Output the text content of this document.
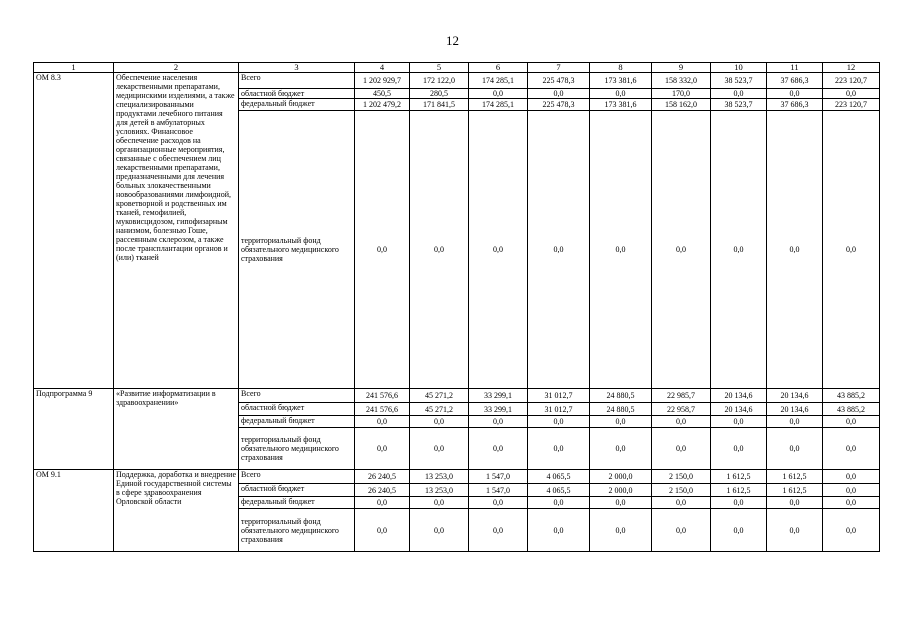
12
1	2	3	4	5	6	7	8	9	10	11	12
ОМ 8.3	Обеспечение населения лекарственными препаратами, медицинскими изделиями, а также специализированными продуктами лечебного питания для детей в амбулаторных условиях. Финансовое обеспечение расходов на организационные мероприятия, связанные с обеспечением лиц лекарственными препаратами, предназначенными для лечения больных злокачественными новообразованиями лимфоидной, кроветворной и родственных им тканей, гемофилией, муковисцидозом, гипофизарным нанизмом, болезнью Гоше, рассеянным склерозом, а также после трансплантации органов и (или) тканей	Всего	1 202 929,7	172 122,0	174 285,1	225 478,3	173 381,6	158 332,0	38 523,7	37 686,3	223 120,7
		областной бюджет	450,5	280,5	0,0	0,0	0,0	170,0	0,0	0,0	0,0
		федеральный бюджет	1 202 479,2	171 841,5	174 285,1	225 478,3	173 381,6	158 162,0	38 523,7	37 686,3	223 120,7
		территориальный фонд обязательного медицинского страхования	0,0	0,0	0,0	0,0	0,0	0,0	0,0	0,0	0,0
Подпрограмма 9	«Развитие информатизации в здравоохранении»	Всего	241 576,6	45 271,2	33 299,1	31 012,7	24 880,5	22 985,7	20 134,6	20 134,6	43 885,2
		областной бюджет	241 576,6	45 271,2	33 299,1	31 012,7	24 880,5	22 958,7	20 134,6	20 134,6	43 885,2
		федеральный бюджет	0,0	0,0	0,0	0,0	0,0	0,0	0,0	0,0	0,0
		территориальный фонд обязательного медицинского страхования	0,0	0,0	0,0	0,0	0,0	0,0	0,0	0,0	0,0
ОМ 9.1	Поддержка, доработка и внедрение Единой государственной системы в сфере здравоохранения Орловской области	Всего	26 240,5	13 253,0	1 547,0	4 065,5	2 000,0	2 150,0	1 612,5	1 612,5	0,0
		областной бюджет	26 240,5	13 253,0	1 547,0	4 065,5	2 000,0	2 150,0	1 612,5	1 612,5	0,0
		федеральный бюджет	0,0	0,0	0,0	0,0	0,0	0,0	0,0	0,0	0,0
		территориальный фонд обязательного медицинского страхования	0,0	0,0	0,0	0,0	0,0	0,0	0,0	0,0	0,0
